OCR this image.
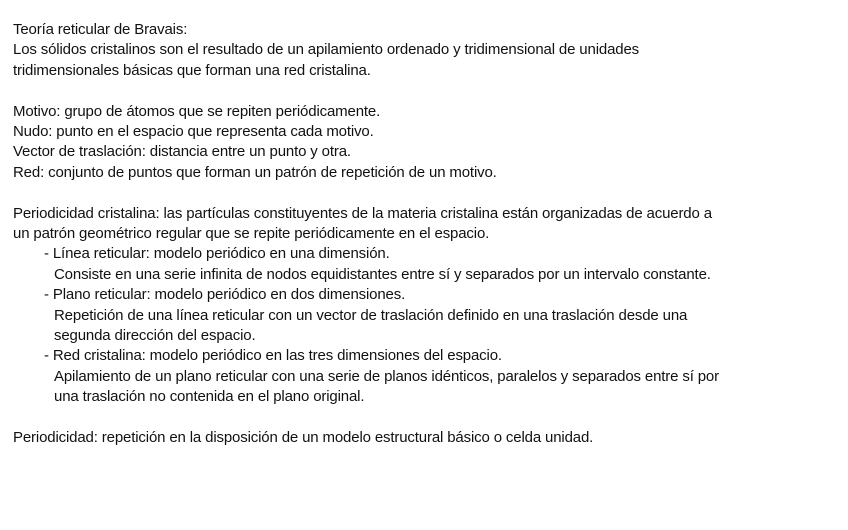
Teoría reticular de Bravais:
Los sólidos cristalinos son el resultado de un apilamiento ordenado y tridimensional de unidades
tridimensionales básicas que forman una red cristalina.
Motivo: grupo de átomos que se repiten periódicamente.
Nudo: punto en el espacio que representa cada motivo.
Vector de traslación: distancia entre un punto y otra.
Red: conjunto de puntos que forman un patrón de repetición de un motivo.
Periodicidad cristalina: las partículas constituyentes de la materia cristalina están organizadas de acuerdo a
un patrón geométrico regular que se repite periódicamente en el espacio.
- Línea reticular: modelo periódico en una dimensión.
Consiste en una serie infinita de nodos equidistantes entre sí y separados por un intervalo constante.
- Plano reticular: modelo periódico en dos dimensiones.
Repetición de una línea reticular con un vector de traslación definido en una traslación desde una
segunda dirección del espacio.
- Red cristalina: modelo periódico en las tres dimensiones del espacio.
Apilamiento de un plano reticular con una serie de planos idénticos, paralelos y separados entre sí por
una traslación no contenida en el plano original.
Periodicidad: repetición en la disposición de un modelo estructural básico o celda unidad.
